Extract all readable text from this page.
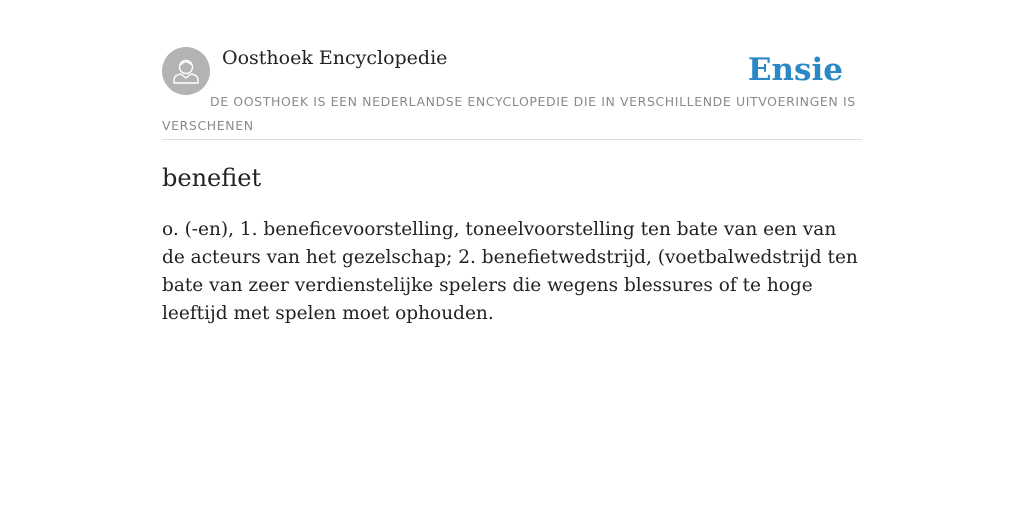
Oosthoek Encyclopedie	Ensie
DE OOSTHOEK IS EEN NEDERLANDSE ENCYCLOPEDIE DIE IN VERSCHILLENDE UITVOERINGEN IS VERSCHENEN
benefiet

o. (-en), 1. beneficevoorstelling, toneelvoorstelling ten bate van een van de acteurs van het gezelschap; 2. benefietwedstrijd, (voetbalwedstrijd ten bate van zeer verdienstelijke spelers die wegens blessures of te hoge leeftijd met spelen moet ophouden.
